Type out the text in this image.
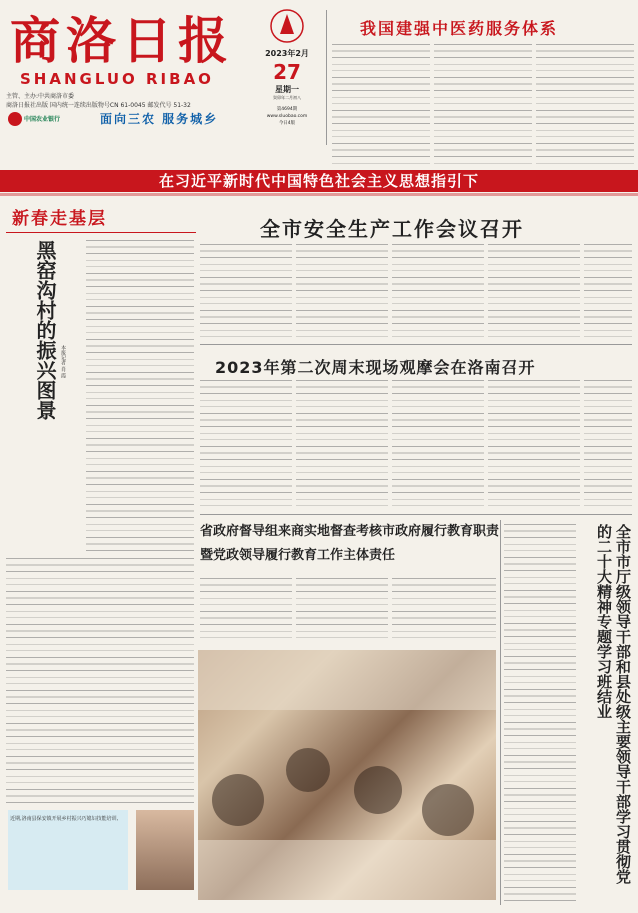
商洛日报
SHANGLUO RIBAO
主管、主办:中共商洛市委
商洛日报社出版 国内统一连续出版物号CN 61-0045 邮发代号 51-32
中国农业银行	面向三农 服务城乡
2023年2月
27
星期一
癸卯年二月初八
第4694期
www.sluobao.com
今日4版
我国建强中医药服务体系
在习近平新时代中国特色社会主义思想指引下
新春走基层
黑窑沟村的振兴图景 本报记者 肖 霞
近期,洛南县保安镇开展乡村振兴巧媳妇技能培训,
全市安全生产工作会议召开
2023年第二次周末现场观摩会在洛南召开
省政府督导组来商实地督查考核市政府履行教育职责暨党政领导履行教育工作主体责任	全市市厅级领导干部和县处级主要领导干部学习贯彻党的二十大精神专题学习班结业
